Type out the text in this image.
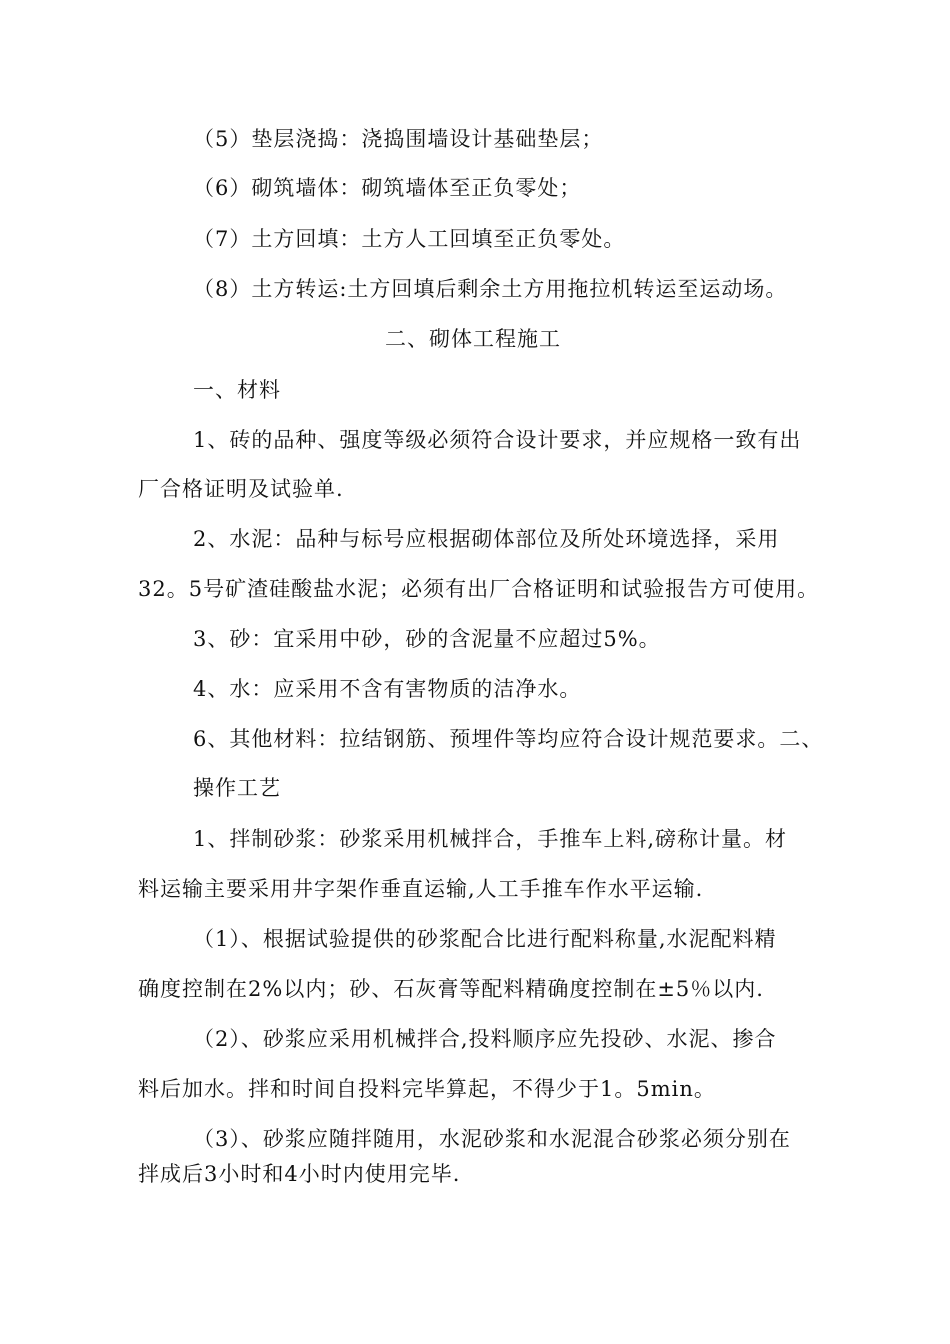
（5）垫层浇捣：浇捣围墙设计基础垫层；
（6）砌筑墙体：砌筑墙体至正负零处；
（7）土方回填：土方人工回填至正负零处。
（8）土方转运:土方回填后剩余土方用拖拉机转运至运动场。
二、砌体工程施工
一、材料
1、砖的品种、强度等级必须符合设计要求，并应规格一致有出
厂合格证明及试验单.
2、水泥：品种与标号应根据砌体部位及所处环境选择，采用
32。5号矿渣硅酸盐水泥；必须有出厂合格证明和试验报告方可使用。
3、砂：宜采用中砂，砂的含泥量不应超过5%。
4、水：应采用不含有害物质的洁净水。
6、其他材料：拉结钢筋、预埋件等均应符合设计规范要求。二、
操作工艺
1、拌制砂浆：砂浆采用机械拌合，手推车上料,磅称计量。材
料运输主要采用井字架作垂直运输,人工手推车作水平运输.
（1）、根据试验提供的砂浆配合比进行配料称量,水泥配料精
确度控制在2%以内；砂、石灰膏等配料精确度控制在±5％以内.
（2）、砂浆应采用机械拌合,投料顺序应先投砂、水泥、掺合
料后加水。拌和时间自投料完毕算起，不得少于1。5min。
（3）、砂浆应随拌随用，水泥砂浆和水泥混合砂浆必须分别在
拌成后3小时和4小时内使用完毕.
